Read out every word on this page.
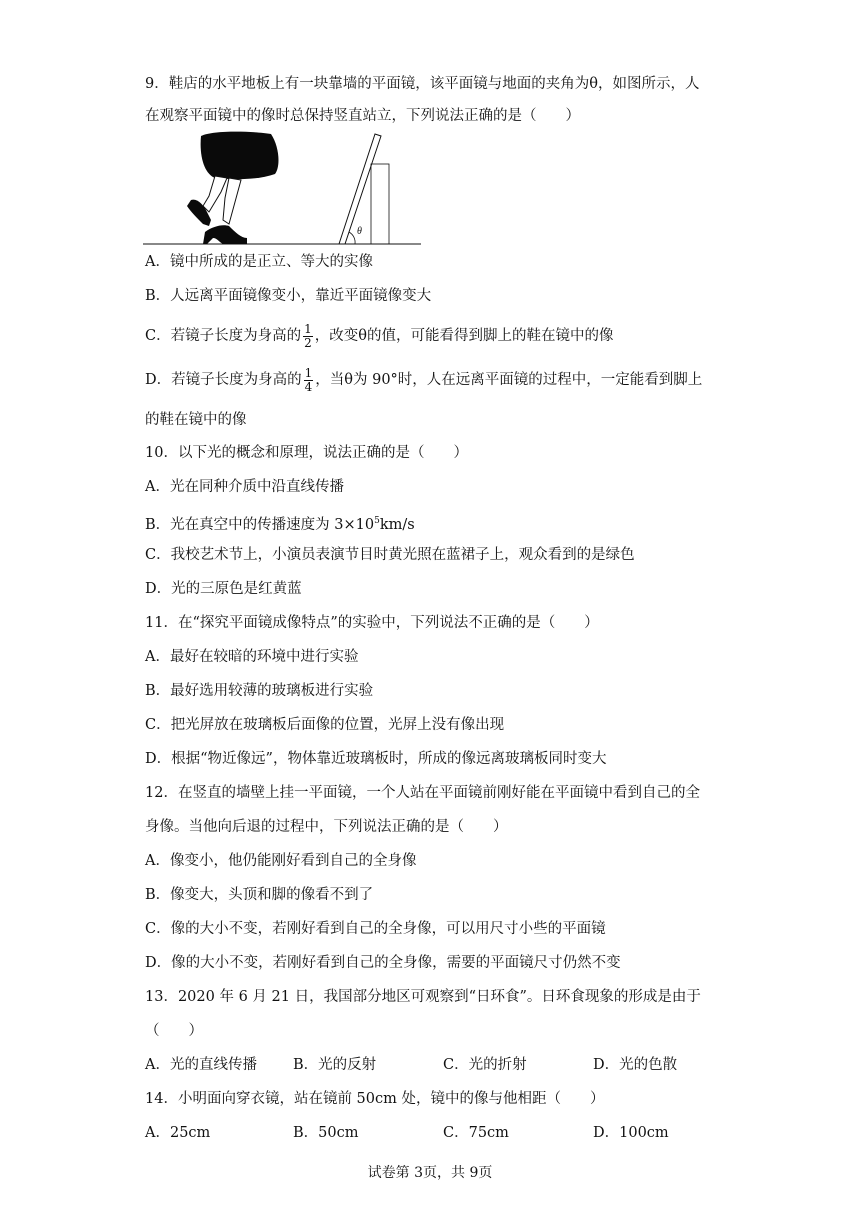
9．鞋店的水平地板上有一块靠墙的平面镜，该平面镜与地面的夹角为θ，如图所示，人
在观察平面镜中的像时总保持竖直站立，下列说法正确的是（　　）
θ
A．镜中所成的是正立、等大的实像
B．人远离平面镜像变小，靠近平面镜像变大
C．若镜子长度为身高的 $\frac{1}{2}$ ，改变θ的值，可能看得到脚上的鞋在镜中的像
D．若镜子长度为身高的 $\frac{1}{4}$ ，当θ为 90°时，人在远离平面镜的过程中，一定能看到脚上
的鞋在镜中的像
10．以下光的概念和原理，说法正确的是（　　）
A．光在同种介质中沿直线传播
B．光在真空中的传播速度为 $3\times 10^5km/s$
C．我校艺术节上，小演员表演节目时黄光照在蓝裙子上，观众看到的是绿色
D．光的三原色是红黄蓝
11．在“探究平面镜成像特点”的实验中，下列说法不正确的是（　　）
A．最好在较暗的环境中进行实验
B．最好选用较薄的玻璃板进行实验
C．把光屏放在玻璃板后面像的位置，光屏上没有像出现
D．根据“物近像远”，物体靠近玻璃板时，所成的像远离玻璃板同时变大
12．在竖直的墙壁上挂一平面镜，一个人站在平面镜前刚好能在平面镜中看到自己的全
身像。当他向后退的过程中，下列说法正确的是（　　）
A．像变小，他仍能刚好看到自己的全身像
B．像变大，头顶和脚的像看不到了
C．像的大小不变，若刚好看到自己的全身像，可以用尺寸小些的平面镜
D．像的大小不变，若刚好看到自己的全身像，需要的平面镜尺寸仍然不变
13．2020 年 6 月 21 日，我国部分地区可观察到“日环食”。日环食现象的形成是由于
（　　）
A．光的直线传播 B．光的反射	C．光的折射	D．光的色散
14．小明面向穿衣镜，站在镜前 50cm 处，镜中的像与他相距（　　）
A．25cm	B．50cm	C．75cm	D．100cm
试卷第 3页，共 9页
